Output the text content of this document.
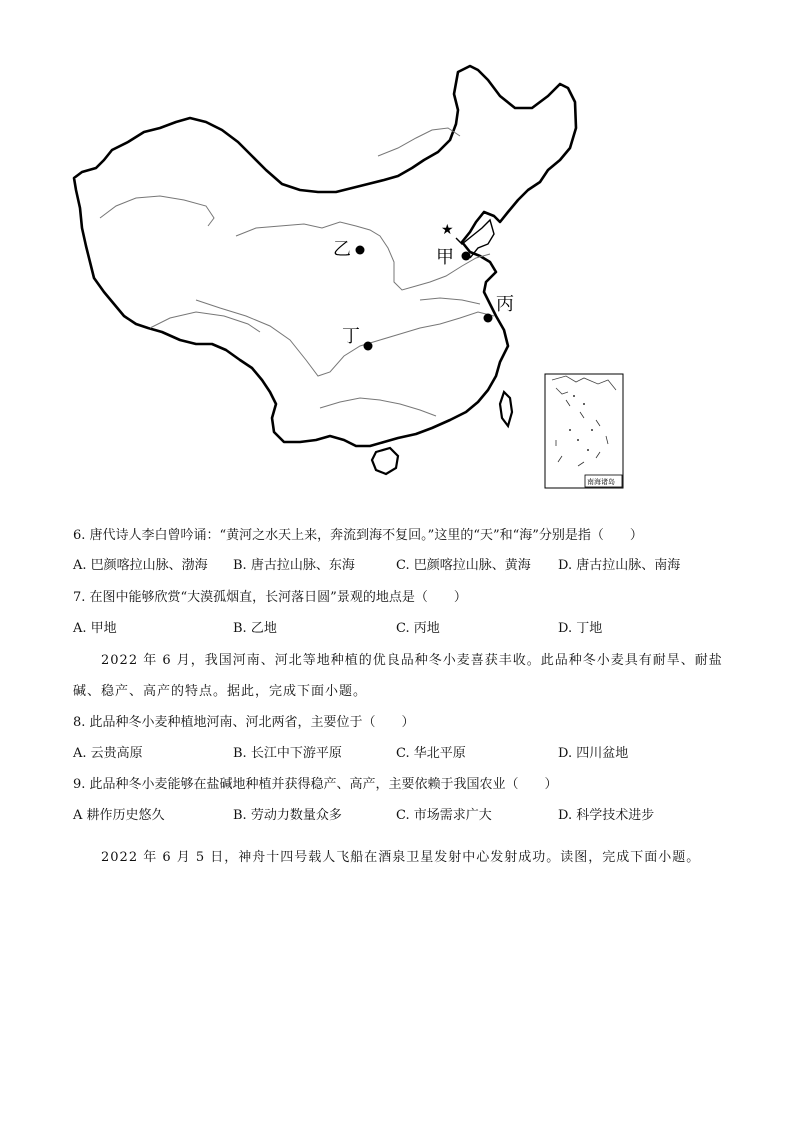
★
甲
乙
丙
丁
南海诸岛
6. 唐代诗人李白曾吟诵：“黄河之水天上来，奔流到海不复回。”这里的“天”和“海”分别是指（　　）
A. 巴颜喀拉山脉、渤海 B. 唐古拉山脉、东海	C. 巴颜喀拉山脉、黄海 D. 唐古拉山脉、南海
7. 在图中能够欣赏“大漠孤烟直，长河落日圆”景观的地点是（　　）
A. 甲地	B. 乙地	C. 丙地	D. 丁地
2022 年 6 月，我国河南、河北等地种植的优良品种冬小麦喜获丰收。此品种冬小麦具有耐旱、耐盐碱、稳产、高产的特点。据此，完成下面小题。
8. 此品种冬小麦种植地河南、河北两省，主要位于（　　）
A. 云贵高原	B. 长江中下游平原	C. 华北平原	D. 四川盆地
9. 此品种冬小麦能够在盐碱地种植并获得稳产、高产，主要依赖于我国农业（　　）
A 耕作历史悠久	B. 劳动力数量众多	C. 市场需求广大	D. 科学技术进步
2022 年 6 月 5 日，神舟十四号载人飞船在酒泉卫星发射中心发射成功。读图，完成下面小题。
